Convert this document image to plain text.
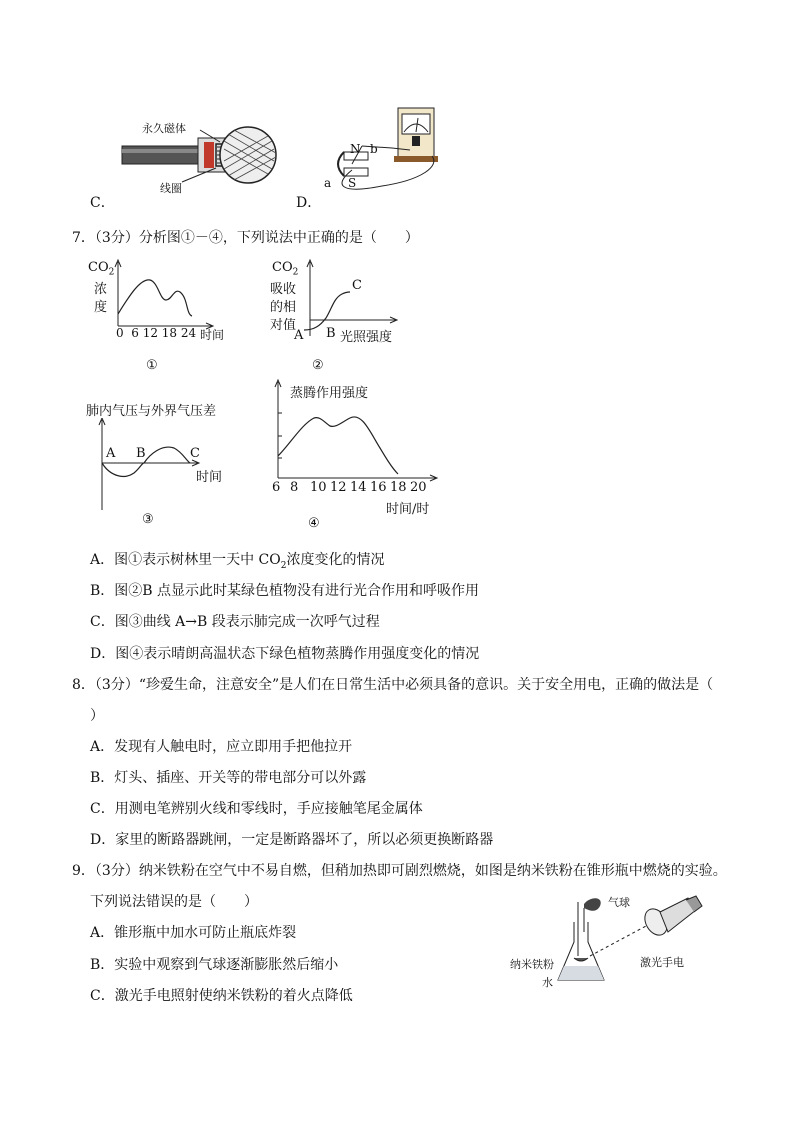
永久磁体
线圈
C．
N b
a S
D．
7．（3分）分析图①－④，下列说法中正确的是（　　）
$CO_2$
浓
度
0  6 12 18 24 时间
①
$CO_2$
吸收
的相
对值
A B 光照强度
C
②
肺内气压与外界气压差
A B	C
时间
③
蒸腾作用强度
6 8 10 12 14 16 18 20
时间/时
④
A．图①表示树林里一天中 $CO_2$浓度变化的情况
B．图②B 点显示此时某绿色植物没有进行光合作用和呼吸作用
C．图③曲线 A→B 段表示肺完成一次呼气过程
D．图④表示晴朗高温状态下绿色植物蒸腾作用强度变化的情况
8．（3分）“珍爱生命，注意安全”是人们在日常生活中必须具备的意识。关于安全用电，正确的做法是（
）
A．发现有人触电时，应立即用手把他拉开
B．灯头、插座、开关等的带电部分可以外露
C．用测电笔辨别火线和零线时，手应接触笔尾金属体
D．家里的断路器跳闸，一定是断路器坏了，所以必须更换断路器
9．（3分）纳米铁粉在空气中不易自燃，但稍加热即可剧烈燃烧，如图是纳米铁粉在锥形瓶中燃烧的实验。
下列说法错误的是（　　）
A．锥形瓶中加水可防止瓶底炸裂
B．实验中观察到气球逐渐膨胀然后缩小
C．激光手电照射使纳米铁粉的着火点降低
气球
纳米铁粉
水
激光手电
